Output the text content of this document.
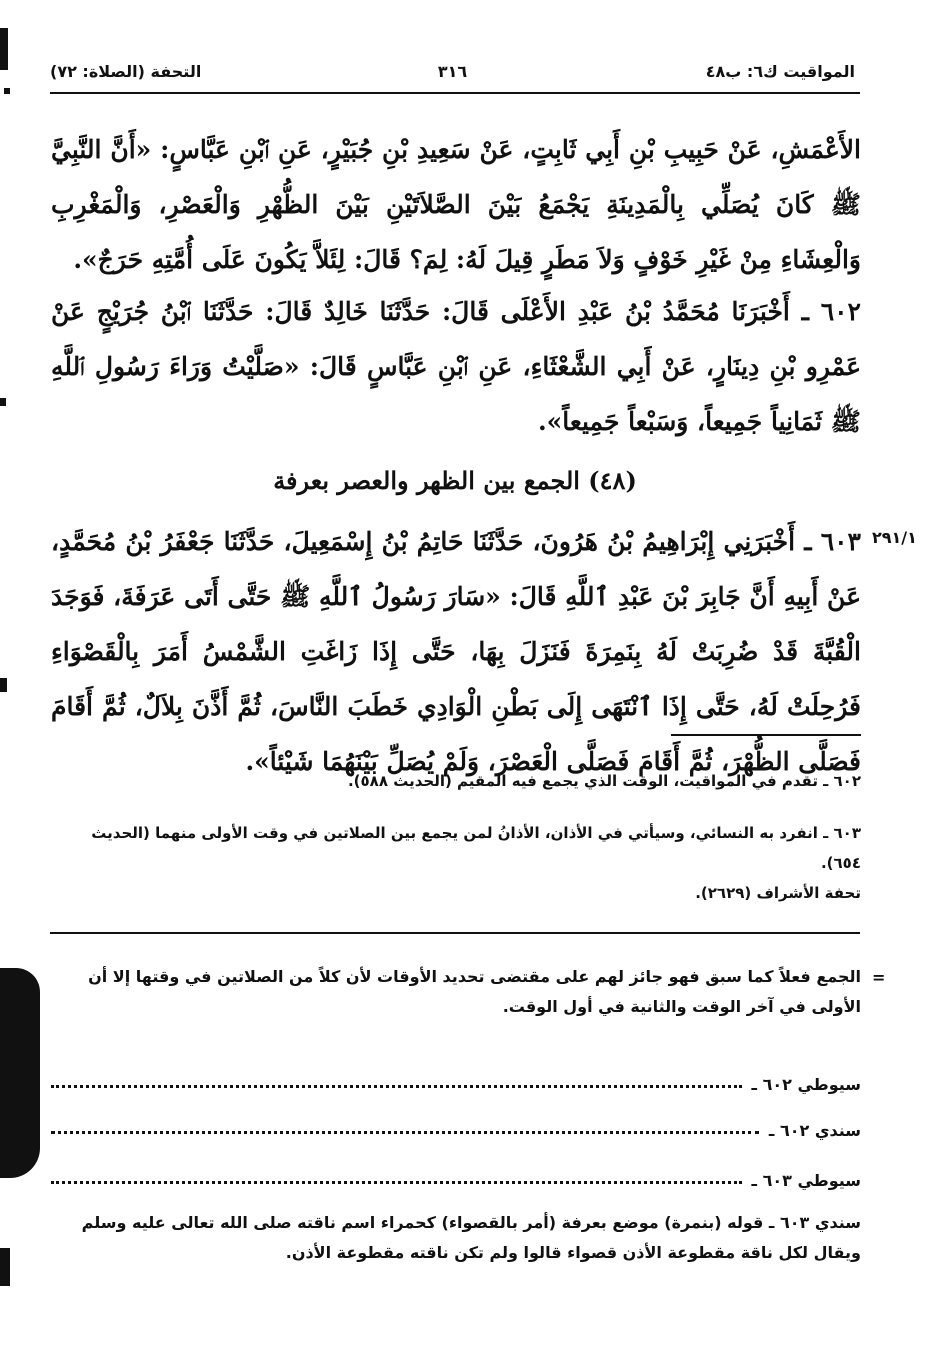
المواقيت ك٦: ب٤٨
٣١٦
التحفة (الصلاة: ٧٢)

الأَعْمَشِ، عَنْ حَبِيبِ بْنِ أَبِي ثَابِتٍ، عَنْ سَعِيدِ بْنِ جُبَيْرٍ، عَنِ ٱبْنِ عَبَّاسٍ: «أَنَّ النَّبِيَّ ﷺ كَانَ يُصَلِّي بِالْمَدِينَةِ يَجْمَعُ بَيْنَ الصَّلاَتَيْنِ بَيْنَ الظُّهْرِ وَالْعَصْرِ، وَالْمَغْرِبِ وَالْعِشَاءِ مِنْ غَيْرِ خَوْفٍ وَلاَ مَطَرٍ قِيلَ لَهُ: لِمَ؟ قَالَ: لِئَلاَّ يَكُونَ عَلَى أُمَّتِهِ حَرَجٌ».

٦٠٢ ـ أَخْبَرَنَا مُحَمَّدُ بْنُ عَبْدِ الأَعْلَى قَالَ: حَدَّثَنَا خَالِدٌ قَالَ: حَدَّثَنَا ٱبْنُ جُرَيْجٍ عَنْ عَمْرِو بْنِ دِينَارٍ، عَنْ أَبِي الشَّعْثَاءِ، عَنِ ٱبْنِ عَبَّاسٍ قَالَ: «صَلَّيْتُ وَرَاءَ رَسُولِ ٱللَّهِ ﷺ ثَمَانِياً جَمِيعاً، وَسَبْعاً جَمِيعاً».

(٤٨) الجمع بين الظهر والعصر بعرفة
٢٩١/١

٦٠٣ ـ أَخْبَرَنِي إِبْرَاهِيمُ بْنُ هَرُونَ، حَدَّثَنَا حَاتِمُ بْنُ إِسْمَعِيلَ، حَدَّثَنَا جَعْفَرُ بْنُ مُحَمَّدٍ، عَنْ أَبِيهِ أَنَّ جَابِرَ بْنَ عَبْدِ ٱللَّهِ قَالَ: «سَارَ رَسُولُ ٱللَّهِ ﷺ حَتَّى أَتَى عَرَفَةَ، فَوَجَدَ الْقُبَّةَ قَدْ ضُرِبَتْ لَهُ بِنَمِرَةَ فَنَزَلَ بِهَا، حَتَّى إِذَا زَاغَتِ الشَّمْسُ أَمَرَ بِالْقَصْوَاءِ فَرُحِلَتْ لَهُ، حَتَّى إِذَا ٱنْتَهَى إِلَى بَطْنِ الْوَادِي خَطَبَ النَّاسَ، ثُمَّ أَذَّنَ بِلاَلٌ، ثُمَّ أَقَامَ فَصَلَّى الظُّهْرَ، ثُمَّ أَقَامَ فَصَلَّى الْعَصْرَ، وَلَمْ يُصَلِّ بَيْنَهُمَا شَيْئاً».

٦٠٢ ـ تقدم في المواقيت، الوقت الذي يجمع فيه المقيم (الحديث ٥٨٨).

٦٠٣ ـ انفرد به النسائي، وسيأتي في الأذان، الأذانُ لمن يجمع بين الصلاتين في وقت الأولى منهما (الحديث ٦٥٤).

تحفة الأشراف (٢٦٢٩).

=

الجمع فعلاً كما سبق فهو جائز لهم على مقتضى تحديد الأوقات لأن كلاً من الصلاتين في وقتها إلا أن الأولى في آخر الوقت والثانية في أول الوقت.

سيوطي ٦٠٢ ـ
سندي ٦٠٢ ـ
سيوطي ٦٠٣ ـ

سندي ٦٠٣ ـ قوله (بنمرة) موضع بعرفة (أمر بالقصواء) كحمراء اسم ناقته صلى الله تعالى عليه وسلم ويقال لكل ناقة مقطوعة الأذن قصواء قالوا ولم تكن ناقته مقطوعة الأذن.
